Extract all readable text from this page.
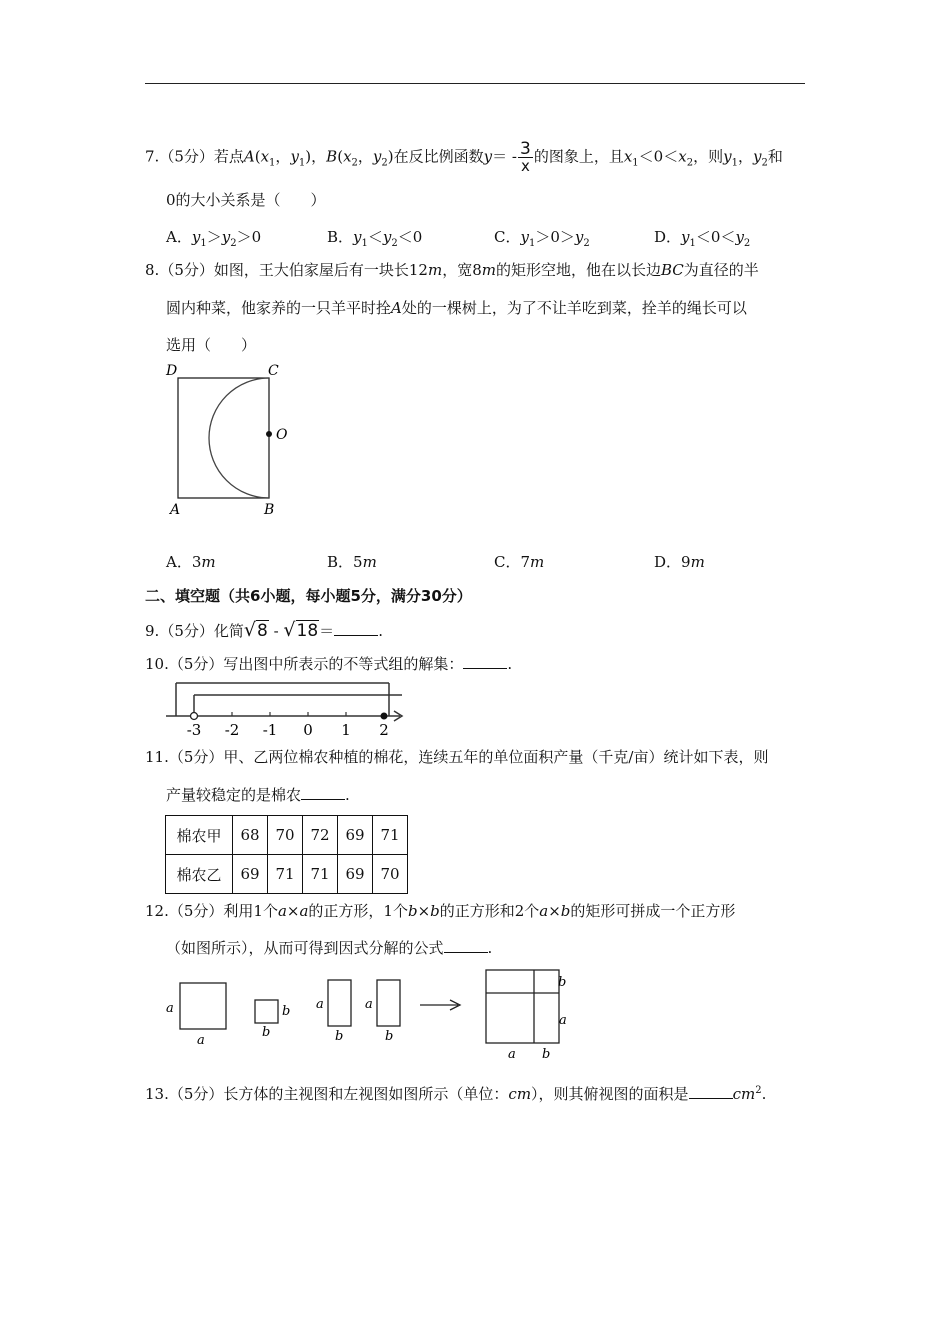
7.（5分）若点$A(x_1$，$y_1$)，$B(x_2$，$y_2$)在反比例函数$y= - \frac{3}{x}$ 的图象上，且$x_1<0<x_2$，则$y_1$，$y_2$和
0的大小关系是（　　）
A．$y_1>y_2>0$	B．$y_1<y_2<0$	C．$y_1>0>y_2$	D．$y_1<0<y_2$
8.（5分）如图，王大伯家屋后有一块长12m，宽8m的矩形空地，他在以长边BC为直径的半
圆内种菜，他家养的一只羊平时拴A处的一棵树上，为了不让羊吃到菜，拴羊的绳长可以
选用（　　）
D	C
O
A	B
A．3m	B．5m	C．7m	D．9m
二、填空题（共6小题，每小题5分，满分30分）
9.（5分）化简√8 - √18＝	.
10.（5分）写出图中所表示的不等式组的解集：	.
-3 -2 -1 0 1 2
11.（5分）甲、乙两位棉农种植的棉花，连续五年的单位面积产量（千克/亩）统计如下表，则
产量较稳定的是棉农	.
棉农甲	68	70	72	69	71
棉农乙	69	71	71	69	70
12.（5分）利用1个a×a的正方形，1个b×b的正方形和2个a×b的矩形可拼成一个正方形
（如图所示），从而可得到因式分解的公式	.
a
a
b
b
a
b
a
b
b
a
a b
13.（5分）长方体的主视图和左视图如图所示（单位：cm），则其俯视图的面积是	$cm^2$.
